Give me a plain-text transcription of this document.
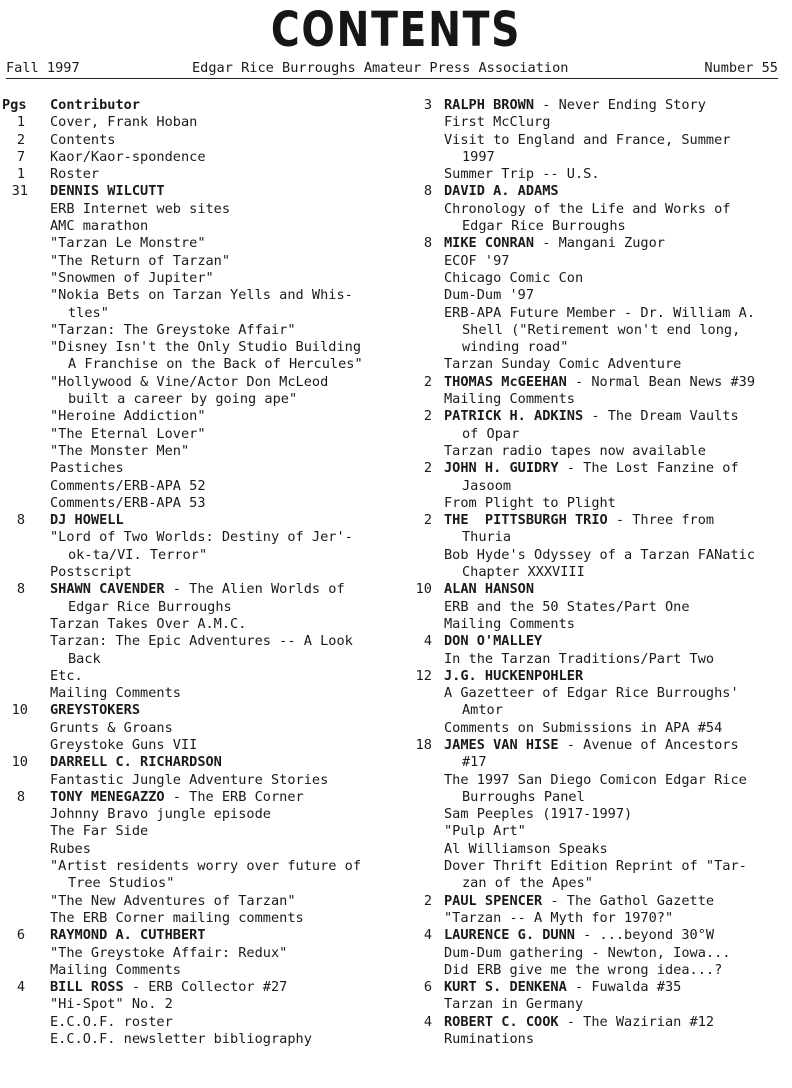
CONTENTS
Fall 1997	Edgar Rice Burroughs Amateur Press Association	Number 55
Pgs	Contributor
1 Cover, Frank Hoban
2 Contents
7 Kaor/Kaor-spondence
1 Roster
31 DENNIS WILCUTT
ERB Internet web sites
AMC marathon
"Tarzan Le Monstre"
"The Return of Tarzan"
"Snowmen of Jupiter"
"Nokia Bets on Tarzan Yells and Whis-
tles"
"Tarzan: The Greystoke Affair"
"Disney Isn't the Only Studio Building
A Franchise on the Back of Hercules"
"Hollywood & Vine/Actor Don McLeod
built a career by going ape"
"Heroine Addiction"
"The Eternal Lover"
"The Monster Men"
Pastiches
Comments/ERB-APA 52
Comments/ERB-APA 53
8 DJ HOWELL
"Lord of Two Worlds: Destiny of Jer'-
ok-ta/VI. Terror"
Postscript
8 SHAWN CAVENDER - The Alien Worlds of
Edgar Rice Burroughs
Tarzan Takes Over A.M.C.
Tarzan: The Epic Adventures -- A Look
Back
Etc.
Mailing Comments
10 GREYSTOKERS
Grunts & Groans
Greystoke Guns VII
10 DARRELL C. RICHARDSON
Fantastic Jungle Adventure Stories
8 TONY MENEGAZZO - The ERB Corner
Johnny Bravo jungle episode
The Far Side
Rubes
"Artist residents worry over future of
Tree Studios"
"The New Adventures of Tarzan"
The ERB Corner mailing comments
6 RAYMOND A. CUTHBERT
"The Greystoke Affair: Redux"
Mailing Comments
4 BILL ROSS - ERB Collector #27
"Hi-Spot" No. 2
E.C.O.F. roster
E.C.O.F. newsletter bibliography
3 RALPH BROWN - Never Ending Story
First McClurg
Visit to England and France, Summer
1997
Summer Trip -- U.S.
8 DAVID A. ADAMS
Chronology of the Life and Works of
Edgar Rice Burroughs
8 MIKE CONRAN - Mangani Zugor
ECOF '97
Chicago Comic Con
Dum-Dum '97
ERB-APA Future Member - Dr. William A.
Shell ("Retirement won't end long,
winding road"
Tarzan Sunday Comic Adventure
2 THOMAS McGEEHAN - Normal Bean News #39
Mailing Comments
2 PATRICK H. ADKINS - The Dream Vaults
of Opar
Tarzan radio tapes now available
2 JOHN H. GUIDRY - The Lost Fanzine of
Jasoom
From Plight to Plight
2 THE  PITTSBURGH TRIO - Three from
Thuria
Bob Hyde's Odyssey of a Tarzan FANatic
Chapter XXXVIII
10 ALAN HANSON
ERB and the 50 States/Part One
Mailing Comments
4 DON O'MALLEY
In the Tarzan Traditions/Part Two
12 J.G. HUCKENPOHLER
A Gazetteer of Edgar Rice Burroughs'
Amtor
Comments on Submissions in APA #54
18 JAMES VAN HISE - Avenue of Ancestors
#17
The 1997 San Diego Comicon Edgar Rice
Burroughs Panel
Sam Peeples (1917-1997)
"Pulp Art"
Al Williamson Speaks
Dover Thrift Edition Reprint of "Tar-
zan of the Apes"
2 PAUL SPENCER - The Gathol Gazette
"Tarzan -- A Myth for 1970?"
4 LAURENCE G. DUNN - ...beyond 30°W
Dum-Dum gathering - Newton, Iowa...
Did ERB give me the wrong idea...?
6 KURT S. DENKENA - Fuwalda #35
Tarzan in Germany
4 ROBERT C. COOK - The Wazirian #12
Ruminations
